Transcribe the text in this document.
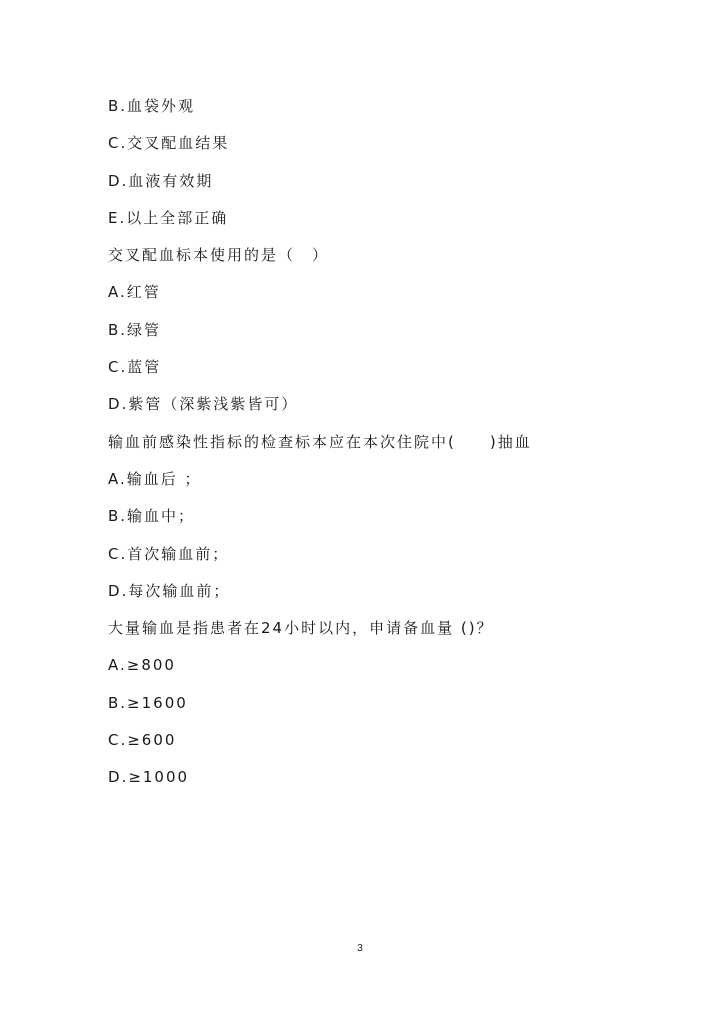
B.血袋外观
C.交叉配血结果
D.血液有效期
E.以上全部正确
交叉配血标本使用的是（　）
A.红管
B.绿管
C.蓝管
D.紫管（深紫浅紫皆可）
输血前感染性指标的检查标本应在本次住院中(　　)抽血
A.输血后 ；
B.输血中；
C.首次输血前；
D.每次输血前；
大量输血是指患者在24小时以内，申请备血量 ()？
A.≥800
B.≥1600
C.≥600
D.≥1000
3
